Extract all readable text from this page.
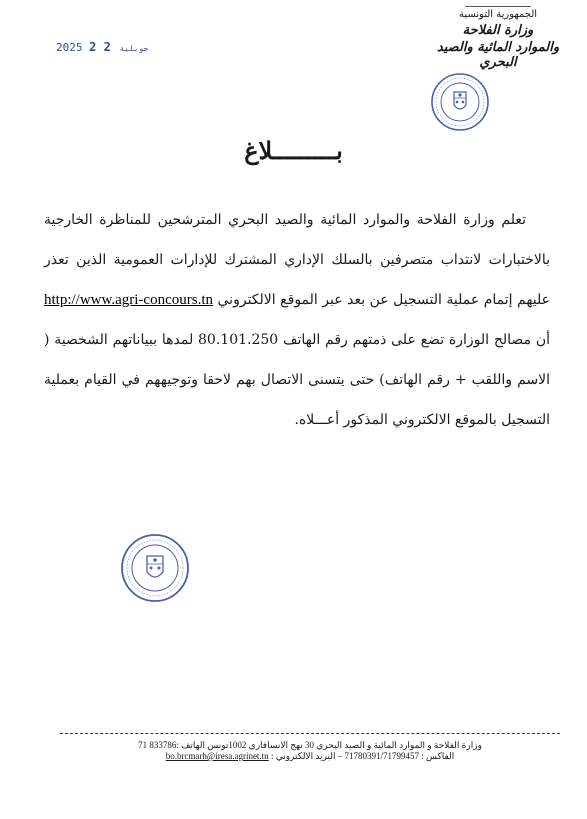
الجمهورية التونسية
وزارة الفلاحة
والموارد المائية والصيد البحري
2025	جويلية 2 2
بـــــــــلاغ
تعلم وزارة الفلاحة والموارد المائية والصيد البحري المترشحين للمناظرة الخارجية بالاختبارات لانتداب متصرفين بالسلك الإداري المشترك للإدارات العمومية الذين تعذر عليهم إتمام عملية التسجيل عن بعد عبر الموقع الالكتروني http://www.agri-concours.tn أن مصالح الوزارة تضع على ذمتهم رقم الهاتف 80.101.250 لمدها ببياناتهم الشخصية ( الاسم واللقب + رقم الهاتف) حتى يتسنى الاتصال بهم لاحقا وتوجيههم في القيام بعملية التسجيل بالموقع الالكتروني المذكور أعـــلاه.
وزارة الفلاحة و الموارد المائية و الصيد البحري 30 نهج الانسافاري 1002تونس الهاتف :833786 71
الفاكس : 71780391/71799457 – البريد الالكتروني : bo.brcmarh@iresa.agrinet.tn
